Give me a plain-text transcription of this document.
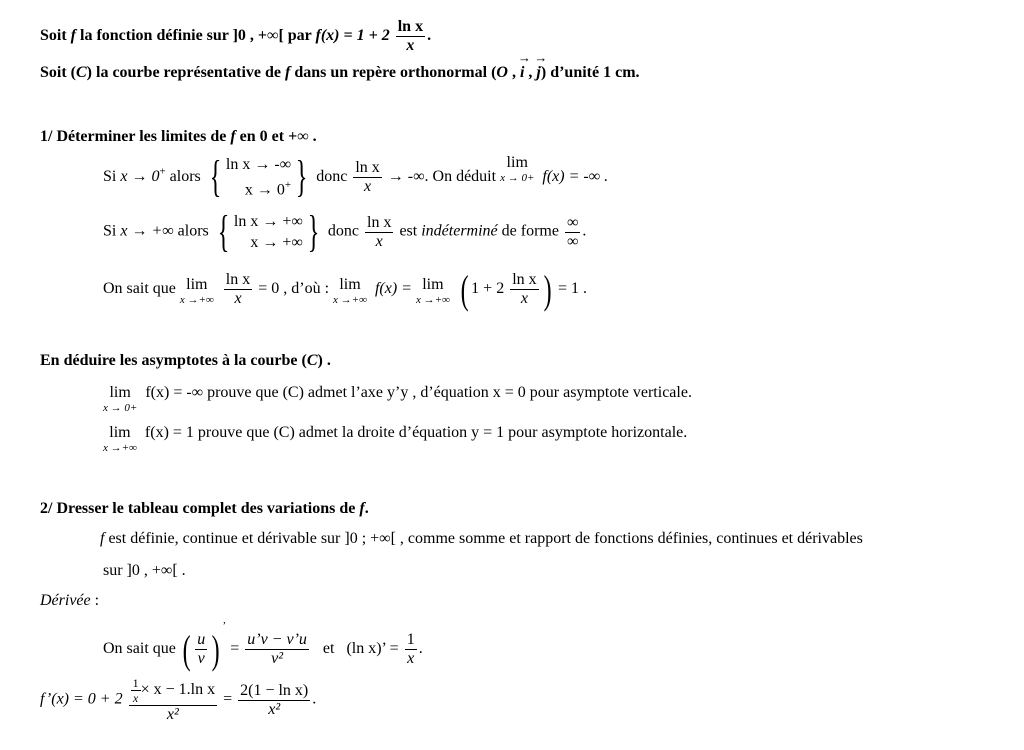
Soit f la fonction définie sur ]0 , +∞[ par $f(x) = 1 + 2 \frac{\text{ln x}}{x}$ .
Soit (C) la courbe représentative de f dans un repère orthonormal (O , → i , → j) d’unité 1 cm.
1/ Déterminer les limites de f en 0 et +∞ .
Si x → 0+ alors { ln x → -∞
x → 0+ } donc $\frac{\text{ln x}}{x}$ → -∞. On déduit
lim
x → 0+ f(x) = -∞ .
Si x → +∞ alors { ln x → +∞
x → +∞ } donc $\frac{\text{ln x}}{x}$ est indéterminé de forme $\frac{\infty}{\infty}$ .
On sait que lim
x →+∞
$\frac{\text{ln x}}{x} = 0$ , d’où : lim
x →+∞
f(x) = lim
x →+∞ ( $1 + 2 \frac{\text{ln x}}{x}$ ) = 1 .
En déduire les asymptotes à la courbe (C) .
lim
x → 0+
f(x) = -∞ prouve que (C) admet l’axe y’y , d’équation x = 0 pour asymptote verticale.
lim
x →+∞
f(x) = 1 prouve que (C) admet la droite d’équation y = 1 pour asymptote horizontale.
2/ Dresser le tableau complet des variations de f.
f est définie, continue et dérivable sur ]0 ; +∞[ , comme somme et rapport de fonctions définies, continues et dérivables
sur ]0 , +∞[ .
Dérivée :
On sait que ( $\frac{u}{v} )^’ = \frac{u’v - v’u}{\text{v²}}$ et (ln x)’ = $\frac{1}{x}$ .
f’(x) = $0 + 2 \frac{\frac{1}{x} \times x - 1.\ln x}{\text{x²}} = \frac{\text{2(1 − ln x)}}{\text{x²}}$ .
